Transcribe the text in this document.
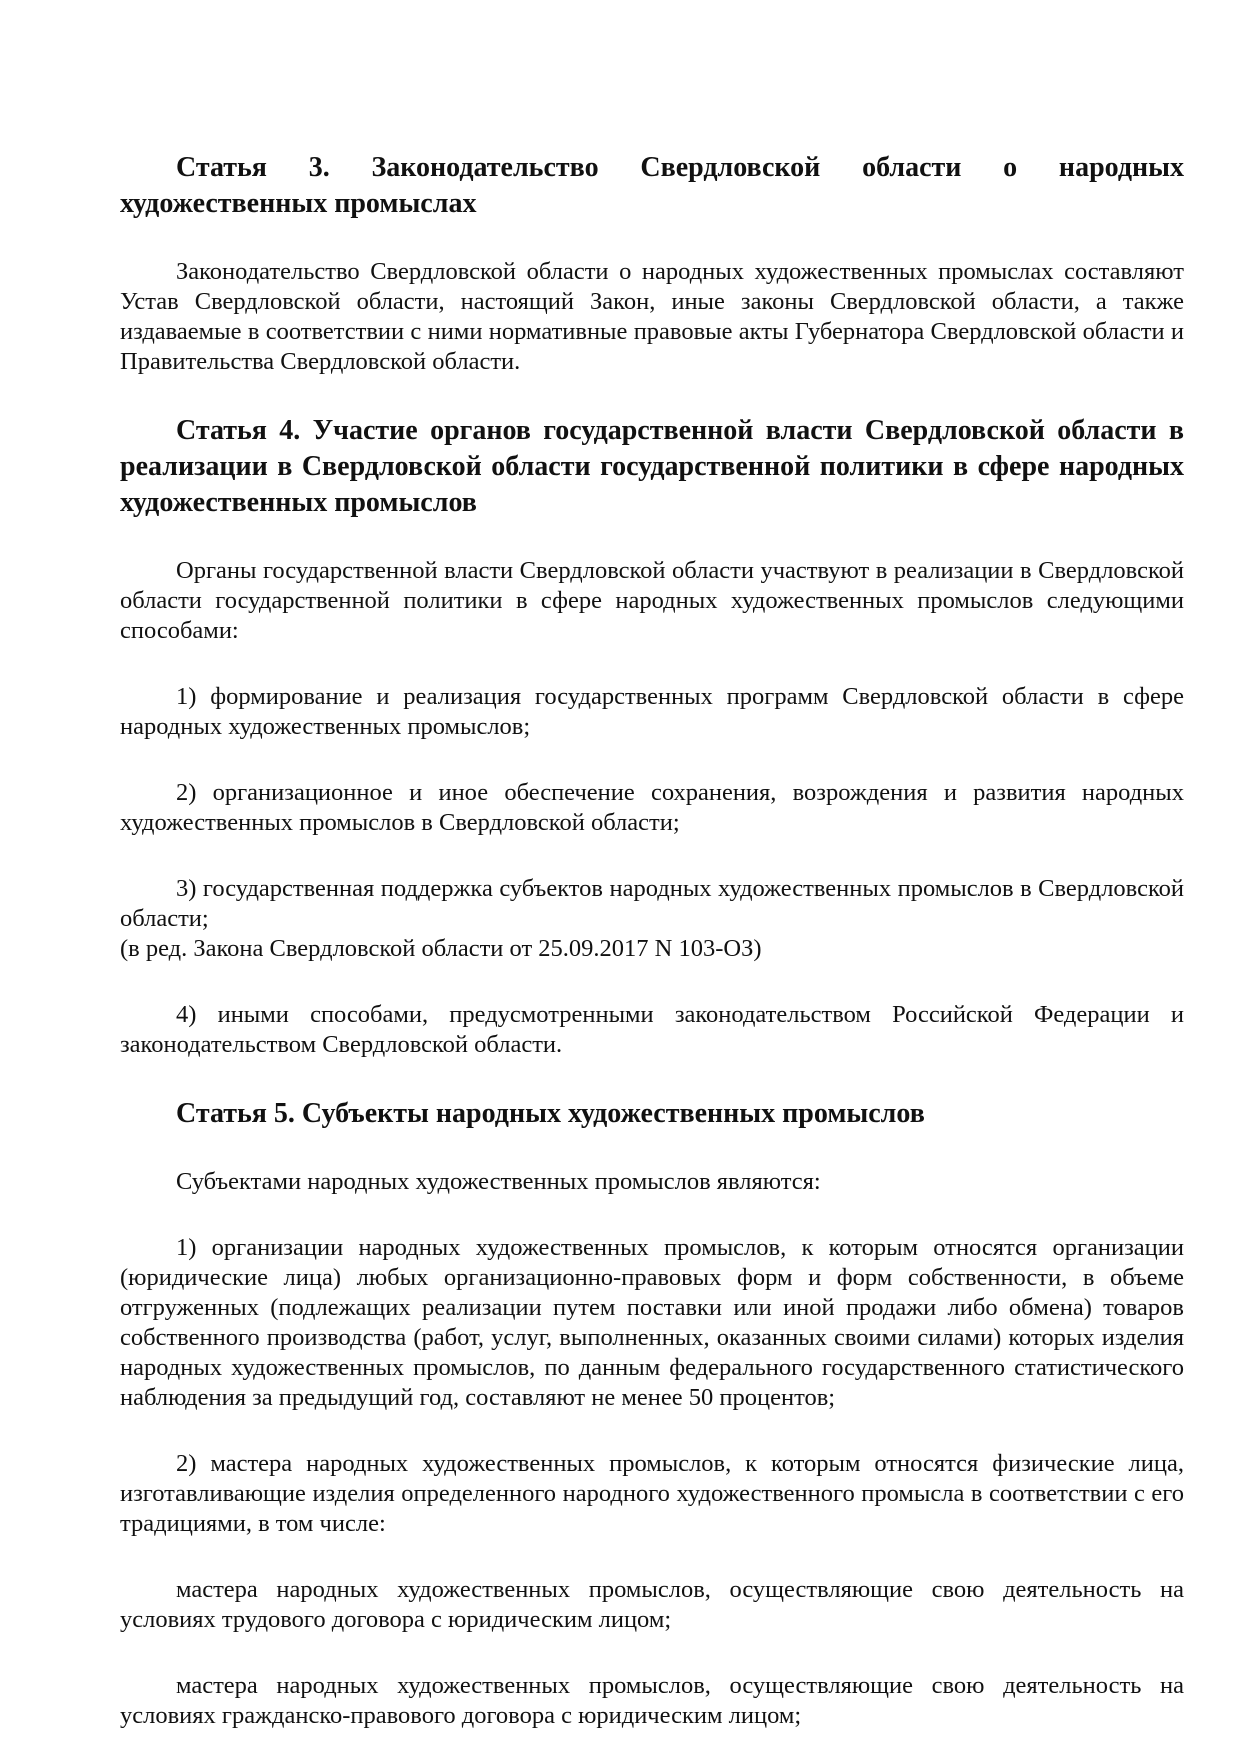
Статья 3. Законодательство Свердловской области о народных
художественных промыслах

Законодательство Свердловской области о народных художественных промыслах составляют Устав Свердловской области, настоящий Закон, иные законы Свердловской области, а также издаваемые в соответствии с ними нормативные правовые акты Губернатора Свердловской области и Правительства Свердловской области.

Статья 4. Участие органов государственной власти Свердловской области в реализации в Свердловской области государственной политики в сфере народных художественных промыслов

Органы государственной власти Свердловской области участвуют в реализации в Свердловской области государственной политики в сфере народных художественных промыслов следующими способами:

1) формирование и реализация государственных программ Свердловской области в сфере народных художественных промыслов;

2) организационное и иное обеспечение сохранения, возрождения и развития народных художественных промыслов в Свердловской области;

3) государственная поддержка субъектов народных художественных промыслов в Свердловской области;

(в ред. Закона Свердловской области от 25.09.2017 N 103-ОЗ)

4) иными способами, предусмотренными законодательством Российской Федерации и законодательством Свердловской области.

Статья 5. Субъекты народных художественных промыслов

Субъектами народных художественных промыслов являются:

1) организации народных художественных промыслов, к которым относятся организации (юридические лица) любых организационно-правовых форм и форм собственности, в объеме отгруженных (подлежащих реализации путем поставки или иной продажи либо обмена) товаров собственного производства (работ, услуг, выполненных, оказанных своими силами) которых изделия народных художественных промыслов, по данным федерального государственного статистического наблюдения за предыдущий год, составляют не менее 50 процентов;

2) мастера народных художественных промыслов, к которым относятся физические лица, изготавливающие изделия определенного народного художественного промысла в соответствии с его традициями, в том числе:

мастера народных художественных промыслов, осуществляющие свою деятельность на условиях трудового договора с юридическим лицом;

мастера народных художественных промыслов, осуществляющие свою деятельность на условиях гражданско-правового договора с юридическим лицом;
